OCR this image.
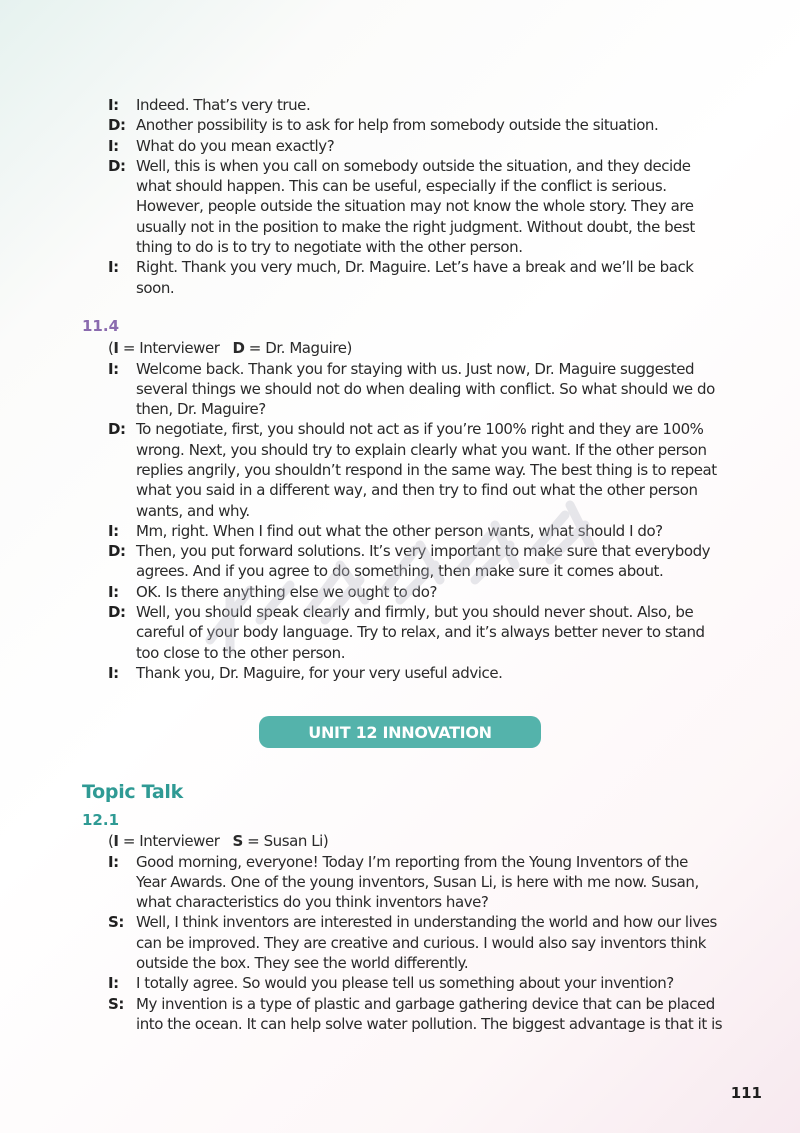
I: Indeed. That’s very true.
D: Another possibility is to ask for help from somebody outside the situation.
I: What do you mean exactly?
D: Well, this is when you call on somebody outside the situation, and they decide
what should happen. This can be useful, especially if the conflict is serious.
However, people outside the situation may not know the whole story. They are
usually not in the position to make the right judgment. Without doubt, the best
thing to do is to try to negotiate with the other person.
I: Right. Thank you very much, Dr. Maguire. Let’s have a break and we’ll be back
soon.
11.4
(I = Interviewer D = Dr. Maguire)
I: Welcome back. Thank you for staying with us. Just now, Dr. Maguire suggested
several things we should not do when dealing with conflict. So what should we do
then, Dr. Maguire?
D: To negotiate, first, you should not act as if you’re 100% right and they are 100%
wrong. Next, you should try to explain clearly what you want. If the other person
replies angrily, you shouldn’t respond in the same way. The best thing is to repeat
what you said in a different way, and then try to find out what the other person
wants, and why.
I: Mm, right. When I find out what the other person wants, what should I do?
D: Then, you put forward solutions. It’s very important to make sure that everybody
agrees. And if you agree to do something, then make sure it comes about.
I: OK. Is there anything else we ought to do?
D: Well, you should speak clearly and firmly, but you should never shout. Also, be
careful of your body language. Try to relax, and it’s always better never to stand
too close to the other person.
I: Thank you, Dr. Maguire, for your very useful advice.
UNIT 12 INNOVATION
Topic Talk
12.1
(I = Interviewer S = Susan Li)
I: Good morning, everyone! Today I’m reporting from the Young Inventors of the
Year Awards. One of the young inventors, Susan Li, is here with me now. Susan,
what characteristics do you think inventors have?
S: Well, I think inventors are interested in understanding the world and how our lives
can be improved. They are creative and curious. I would also say inventors think
outside the box. They see the world differently.
I: I totally agree. So would you please tell us something about your invention?
S: My invention is a type of plastic and garbage gathering device that can be placed
into the ocean. It can help solve water pollution. The biggest advantage is that it is
111
